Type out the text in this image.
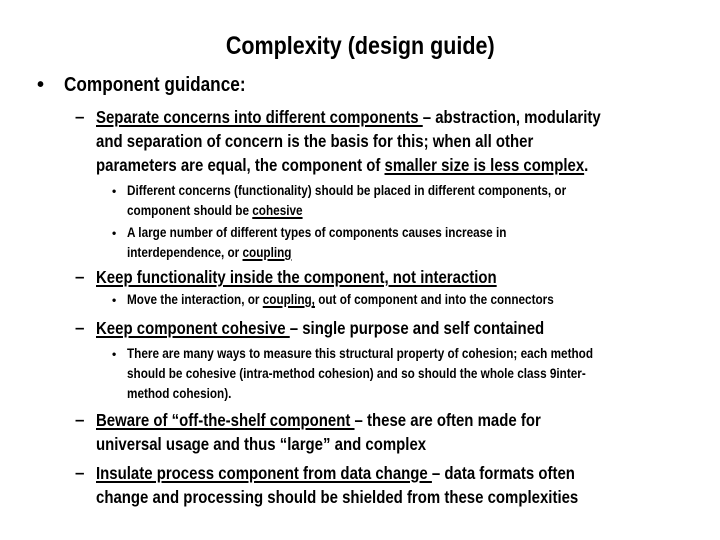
Complexity (design guide)
• Component guidance:
– Separate concerns into different components – abstraction, modularity
and separation of concern is the basis for this; when all other
parameters are equal, the component of smaller size is less complex.
• Different concerns (functionality) should be placed in different components, or
component should be cohesive
• A large number of different types of components causes increase in
interdependence, or coupling
– Keep functionality inside the component, not interaction
• Move the interaction, or coupling, out of component and into the connectors
– Keep component cohesive – single purpose and self contained
• There are many ways to measure this structural property of cohesion; each method
should be cohesive (intra-method cohesion) and so should the whole class 9inter-
method cohesion).
– Beware of “off-the-shelf component – these are often made for
universal usage and thus “large” and complex
– Insulate process component from data change – data formats often
change and processing should be shielded from these complexities
